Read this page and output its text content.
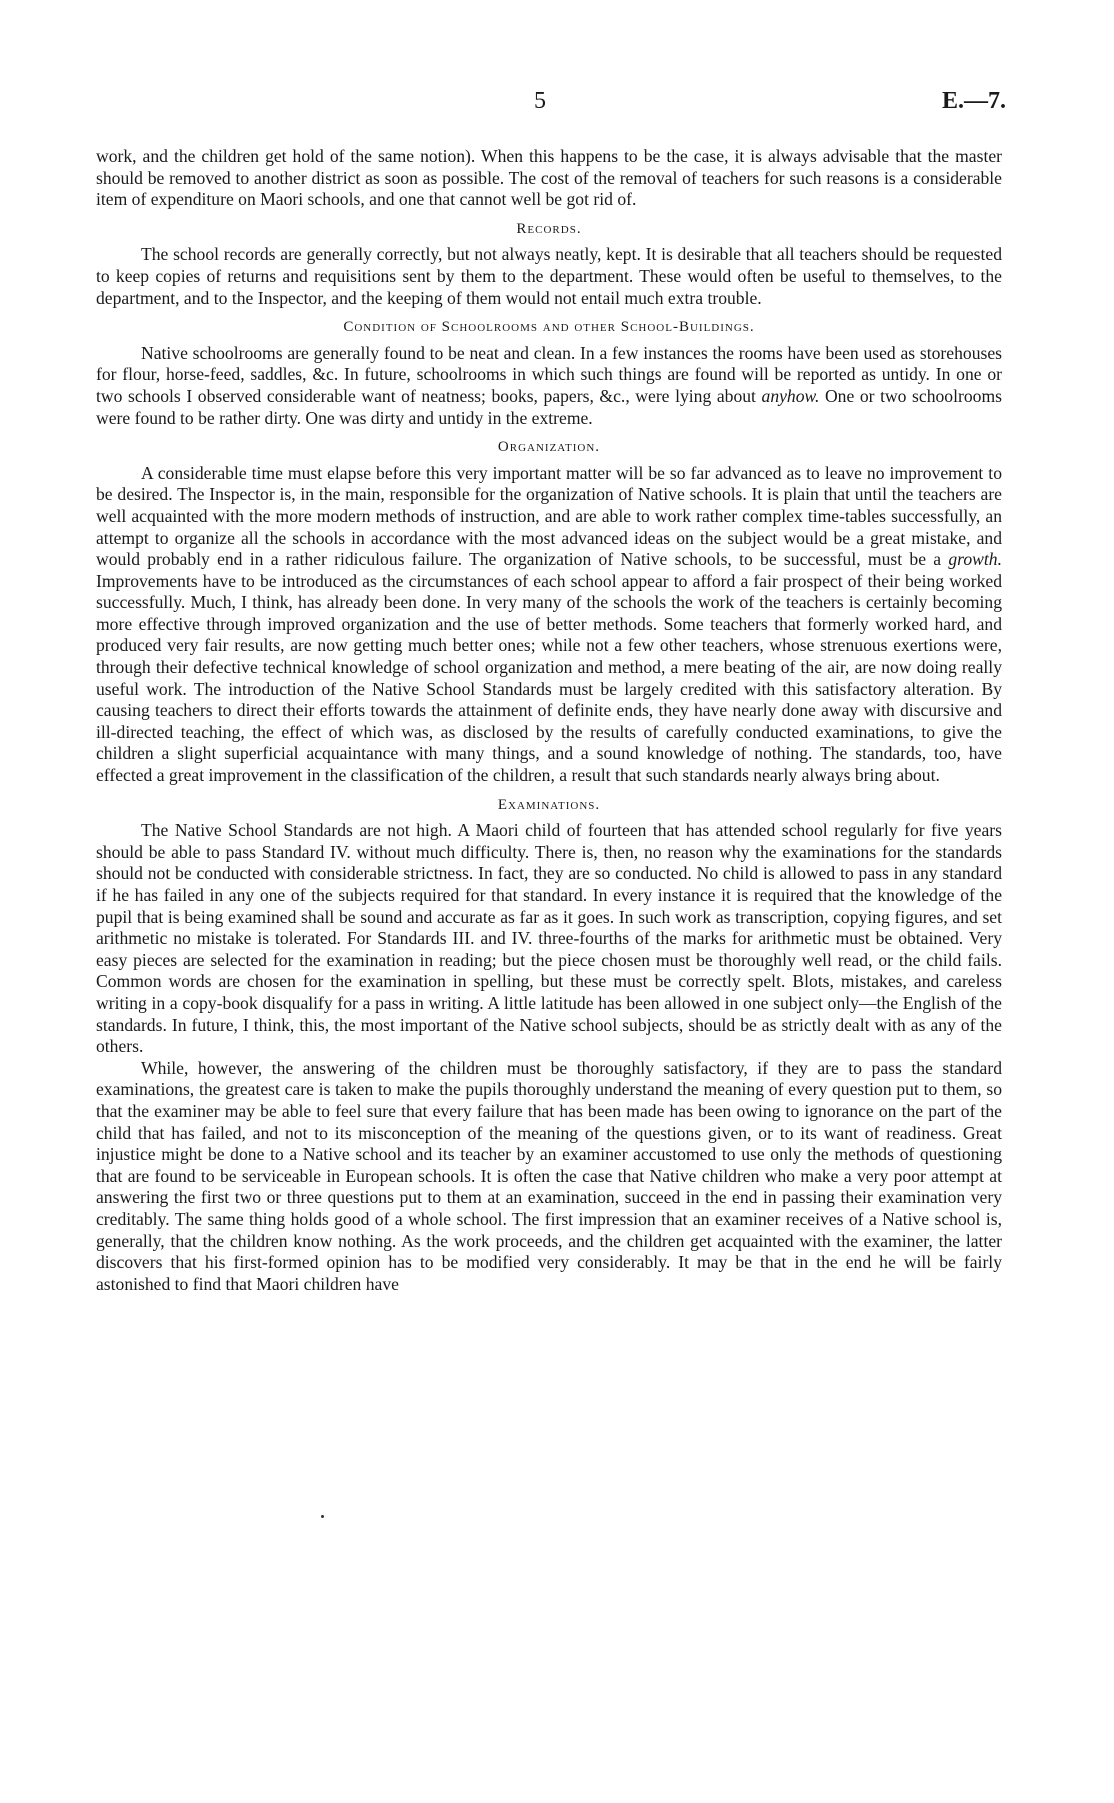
5	E.—7.

work, and the children get hold of the same notion). When this happens to be the case, it is always advisable that the master should be removed to another district as soon as possible. The cost of the removal of teachers for such reasons is a considerable item of expenditure on Maori schools, and one that cannot well be got rid of.

Records.

The school records are generally correctly, but not always neatly, kept. It is desirable that all teachers should be requested to keep copies of returns and requisitions sent by them to the department. These would often be useful to themselves, to the department, and to the Inspector, and the keeping of them would not entail much extra trouble.

Condition of Schoolrooms and other School-Buildings.

Native schoolrooms are generally found to be neat and clean. In a few instances the rooms have been used as storehouses for flour, horse-feed, saddles, &c. In future, schoolrooms in which such things are found will be reported as untidy. In one or two schools I observed considerable want of neatness; books, papers, &c., were lying about anyhow. One or two schoolrooms were found to be rather dirty. One was dirty and untidy in the extreme.

Organization.

A considerable time must elapse before this very important matter will be so far advanced as to leave no improvement to be desired. The Inspector is, in the main, responsible for the organization of Native schools. It is plain that until the teachers are well acquainted with the more modern methods of instruction, and are able to work rather complex time-tables successfully, an attempt to organize all the schools in accordance with the most advanced ideas on the subject would be a great mistake, and would probably end in a rather ridiculous failure. The organization of Native schools, to be successful, must be a growth. Improvements have to be introduced as the circumstances of each school appear to afford a fair prospect of their being worked successfully. Much, I think, has already been done. In very many of the schools the work of the teachers is certainly becoming more effective through improved organization and the use of better methods. Some teachers that formerly worked hard, and produced very fair results, are now getting much better ones; while not a few other teachers, whose strenuous exertions were, through their defective technical knowledge of school organization and method, a mere beating of the air, are now doing really useful work. The introduction of the Native School Standards must be largely credited with this satisfactory alteration. By causing teachers to direct their efforts towards the attainment of definite ends, they have nearly done away with discursive and ill-directed teaching, the effect of which was, as disclosed by the results of carefully conducted examinations, to give the children a slight superficial acquaintance with many things, and a sound knowledge of nothing. The standards, too, have effected a great improvement in the classification of the children, a result that such standards nearly always bring about.

Examinations.

The Native School Standards are not high. A Maori child of fourteen that has attended school regularly for five years should be able to pass Standard IV. without much difficulty. There is, then, no reason why the examinations for the standards should not be conducted with considerable strictness. In fact, they are so conducted. No child is allowed to pass in any standard if he has failed in any one of the subjects required for that standard. In every instance it is required that the knowledge of the pupil that is being examined shall be sound and accurate as far as it goes. In such work as transcription, copying figures, and set arithmetic no mistake is tolerated. For Standards III. and IV. three-fourths of the marks for arithmetic must be obtained. Very easy pieces are selected for the examination in reading; but the piece chosen must be thoroughly well read, or the child fails. Common words are chosen for the examination in spelling, but these must be correctly spelt. Blots, mistakes, and careless writing in a copy-book disqualify for a pass in writing. A little latitude has been allowed in one subject only—the English of the standards. In future, I think, this, the most important of the Native school subjects, should be as strictly dealt with as any of the others.

While, however, the answering of the children must be thoroughly satisfactory, if they are to pass the standard examinations, the greatest care is taken to make the pupils thoroughly understand the meaning of every question put to them, so that the examiner may be able to feel sure that every failure that has been made has been owing to ignorance on the part of the child that has failed, and not to its misconception of the meaning of the questions given, or to its want of readiness. Great injustice might be done to a Native school and its teacher by an examiner accustomed to use only the methods of questioning that are found to be serviceable in European schools. It is often the case that Native children who make a very poor attempt at answering the first two or three questions put to them at an examination, succeed in the end in passing their examination very creditably. The same thing holds good of a whole school. The first impression that an examiner receives of a Native school is, generally, that the children know nothing. As the work proceeds, and the children get acquainted with the examiner, the latter discovers that his first-formed opinion has to be modified very considerably. It may be that in the end he will be fairly astonished to find that Maori children have
